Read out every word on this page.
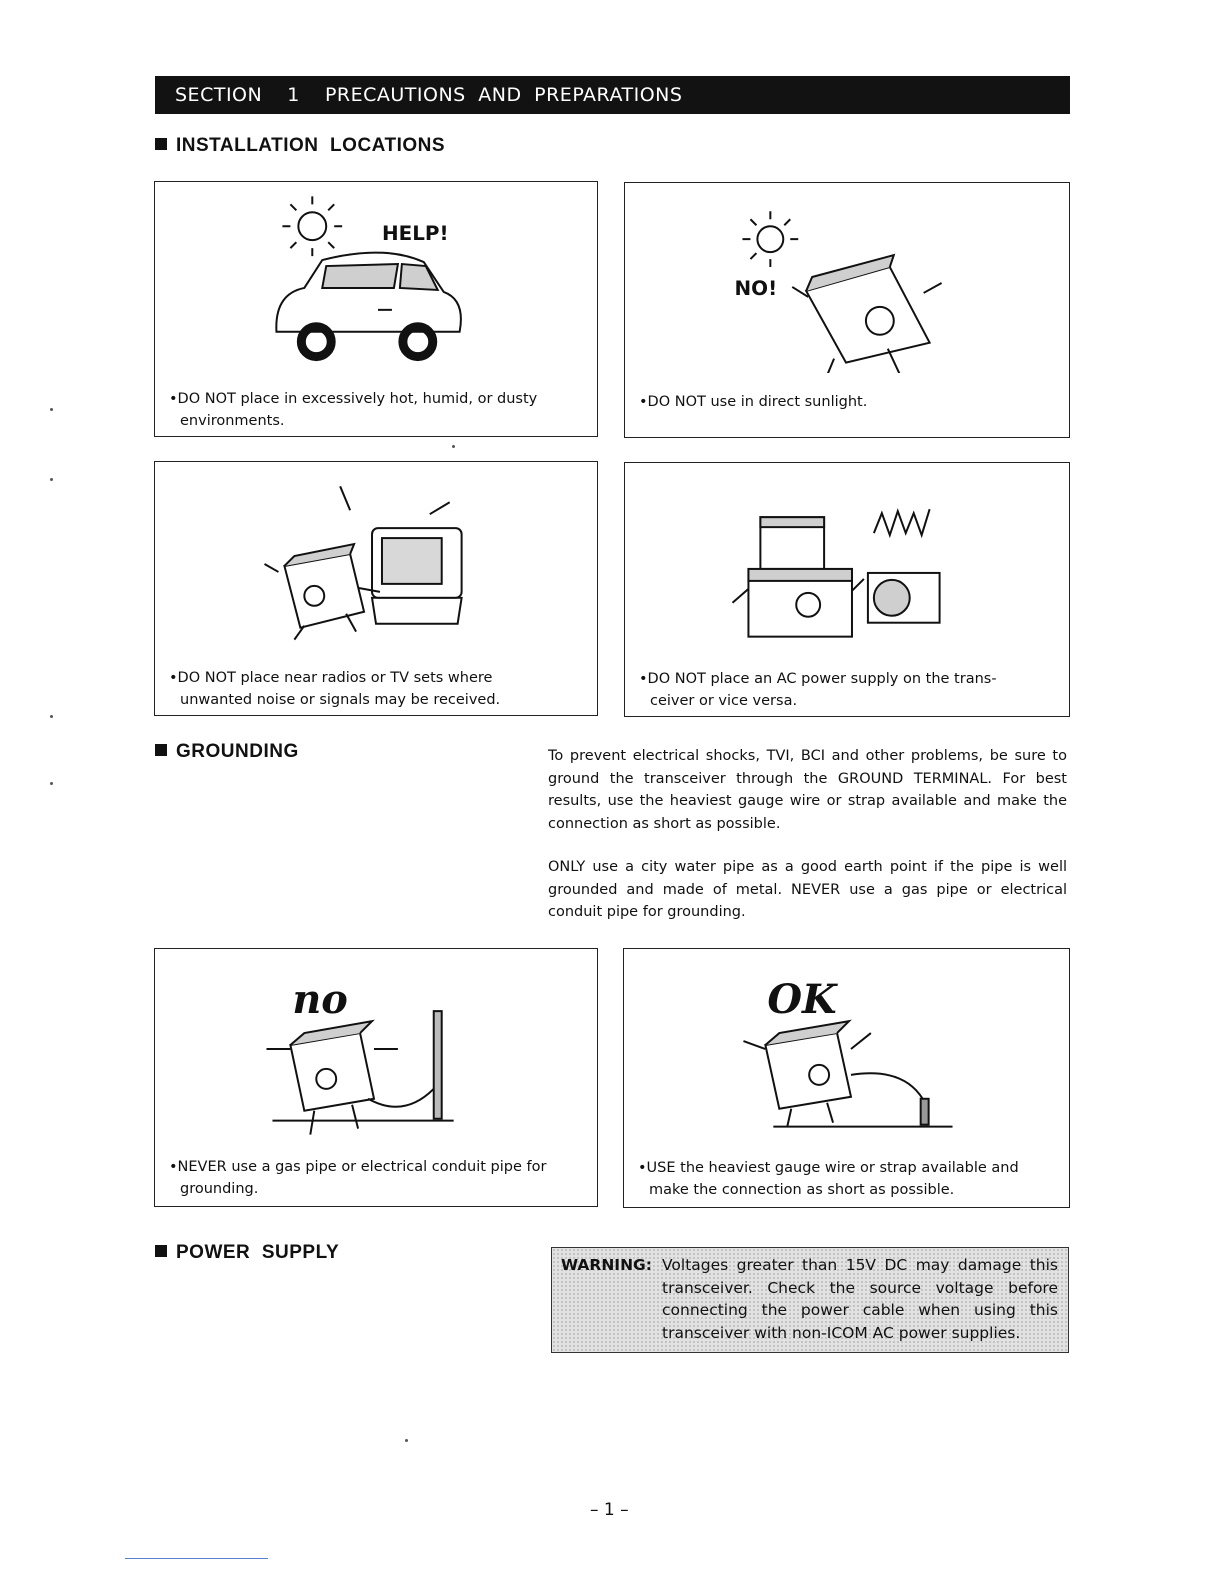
SECTION  1  PRECAUTIONS AND PREPARATIONS
INSTALLATION  LOCATIONS
HELP!
•DO NOT place in excessively hot, humid, or dusty
environments.
NO!
•DO NOT use in direct sunlight.
•DO NOT place near radios or TV sets where
unwanted noise or signals may be received.
•DO NOT place an AC power supply on the trans-
ceiver or vice versa.
GROUNDING	To prevent electrical shocks, TVI, BCI and other problems, be sure to ground the transceiver through the GROUND TERMINAL. For best results, use the heaviest gauge wire or strap available and make the connection as short as possible.
ONLY use a city water pipe as a good earth point if the pipe is well grounded and made of metal. NEVER use a gas pipe or electrical conduit pipe for grounding.
no
•NEVER use a gas pipe or electrical conduit pipe for
grounding.
OK
•USE the heaviest gauge wire or strap available and
make the connection as short as possible.
POWER  SUPPLY
WARNING: Voltages greater than 15V DC may damage this transceiver. Check the source voltage before connecting the power cable when using this transceiver with non-ICOM AC power supplies.
– 1 –
